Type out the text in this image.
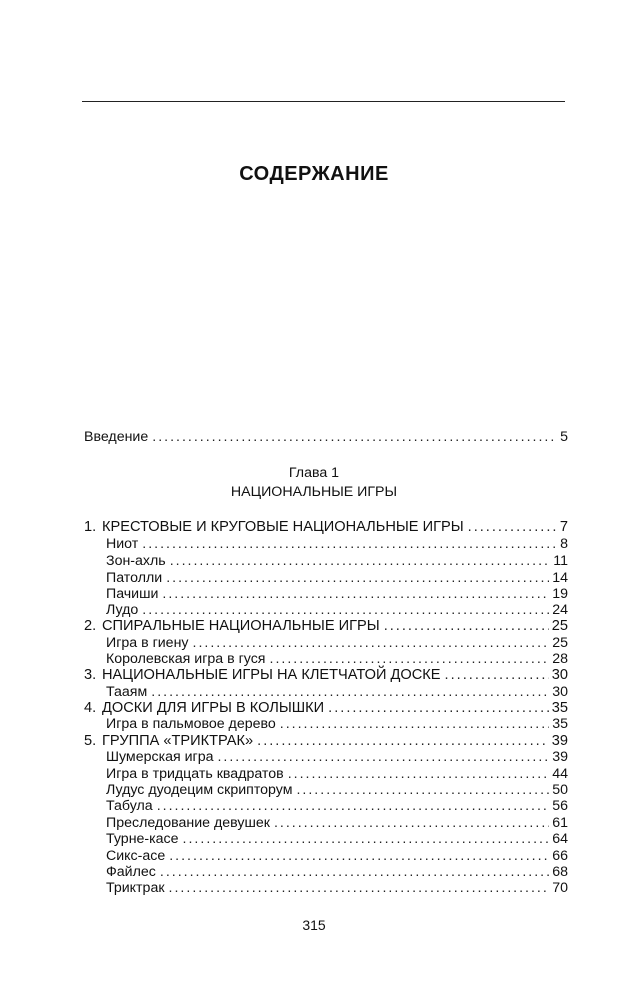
СОДЕРЖАНИЕ
Введение .....	5
Глава 1
НАЦИОНАЛЬНЫЕ ИГРЫ
1. КРЕСТОВЫЕ И КРУГОВЫЕ НАЦИОНАЛЬНЫЕ ИГРЫ .....	7
Ниот .....	8
Зон-ахль .....	11
Патолли .....	14
Пачиши .....	19
Лудо .....	24
2. СПИРАЛЬНЫЕ НАЦИОНАЛЬНЫЕ ИГРЫ .....	25
Игра в гиену .....	25
Королевская игра в гуся .....	28
3. НАЦИОНАЛЬНЫЕ ИГРЫ НА КЛЕТЧАТОЙ ДОСКЕ .....	30
Тааям .....	30
4. ДОСКИ ДЛЯ ИГРЫ В КОЛЫШКИ .....	35
Игра в пальмовое дерево .....	35
5. ГРУППА «ТРИКТРАК» .....	39
Шумерская игра .....	39
Игра в тридцать квадратов .....	44
Лудус дуодецим скрипторум .....	50
Табула .....	56
Преследование девушек .....	61
Турне-касе .....	64
Сикс-асе .....	66
Файлес .....	68
Триктрак .....	70
315
